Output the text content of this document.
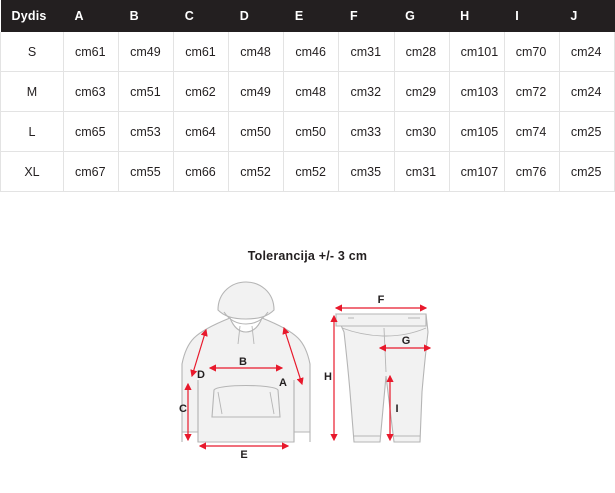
Dydis	A	B	C	D	E	F	G	H	I	J
S	cm61	cm49	cm61	cm48	cm46	cm31	cm28	cm101	cm70	cm24
M	cm63	cm51	cm62	cm49	cm48	cm32	cm29	cm103	cm72	cm24
L	cm65	cm53	cm64	cm50	cm50	cm33	cm30	cm105	cm74	cm25
XL	cm67	cm55	cm66	cm52	cm52	cm35	cm31	cm107	cm76	cm25
Tolerancija +/- 3 cm
B
A
D
C
E
F
G
H
I
